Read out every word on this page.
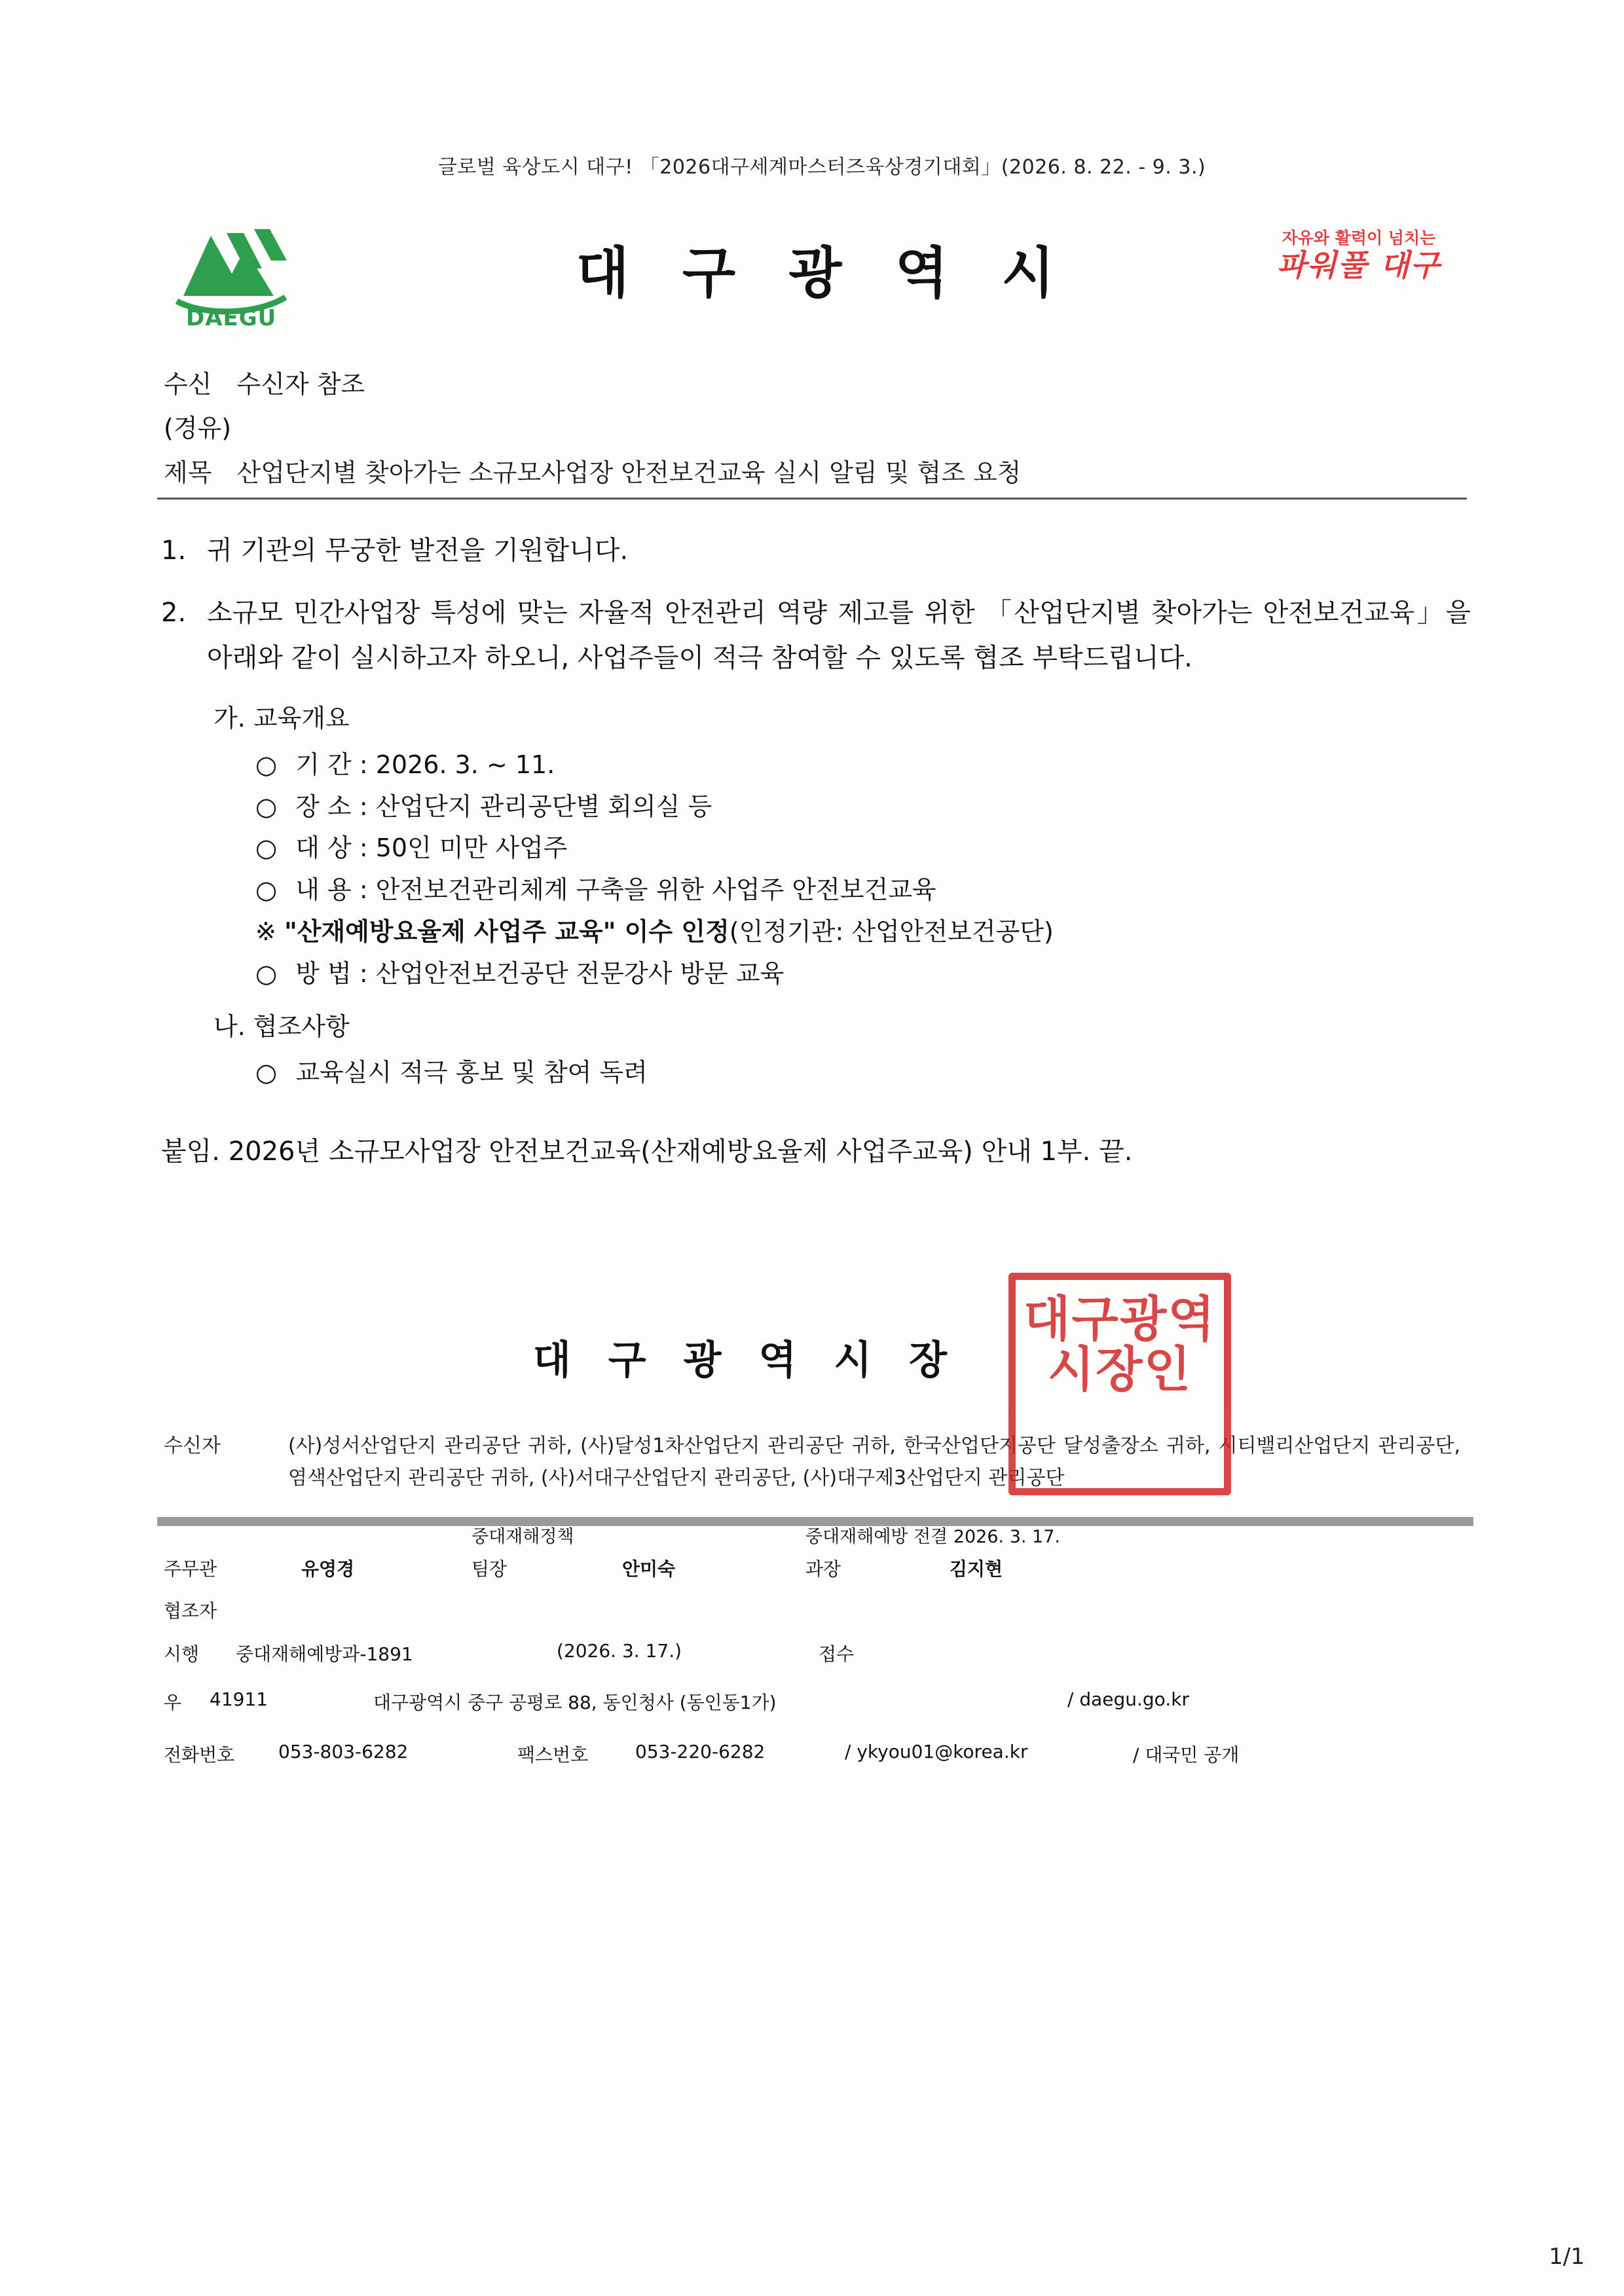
글로벌 육상도시 대구! 「2026대구세계마스터즈육상경기대회」(2026. 8. 22. - 9. 3.)
DAEGU
대 구 광 역 시
자유와 활력이 넘치는
파워풀 대구
수신 수신자 참조
(경유)
제목 산업단지별 찾아가는 소규모사업장 안전보건교육 실시 알림 및 협조 요청
1. 귀 기관의 무궁한 발전을 기원합니다.
2. 소규모 민간사업장 특성에 맞는 자율적 안전관리 역량 제고를 위한 「산업단지별 찾아가는 안전보건교육」을 아래와 같이 실시하고자 하오니, 사업주들이 적극 참여할 수 있도록 협조 부탁드립니다.
가. 교육개요
○ 기 간 : 2026. 3. ~ 11.
○ 장 소 : 산업단지 관리공단별 회의실 등
○ 대 상 : 50인 미만 사업주
○ 내 용 : 안전보건관리체계 구축을 위한 사업주 안전보건교육
※ "산재예방요율제 사업주 교육" 이수 인정(인정기관: 산업안전보건공단)
○ 방 법 : 산업안전보건공단 전문강사 방문 교육
나. 협조사항
○ 교육실시 적극 홍보 및 참여 독려
붙임. 2026년 소규모사업장 안전보건교육(산재예방요율제 사업주교육) 안내 1부. 끝.
대 구 광 역 시 장
대구광역
시장인
수신자	(사)성서산업단지 관리공단 귀하, (사)달성1차산업단지 관리공단 귀하, 한국산업단지공단 달성출장소 귀하, 시티밸리산업단지 관리공단, 염색산업단지 관리공단 귀하, (사)서대구산업단지 관리공단, (사)대구제3산업단지 관리공단
중대재해정책	중대재해예방 전결 2026. 3. 17.
주무관	유영경	팀장	안미숙	과장	김지현
협조자
시행 중대재해예방과-1891	(2026. 3. 17.)	접수
우 41911	대구광역시 중구 공평로 88, 동인청사 (동인동1가)	/ daegu.go.kr
전화번호 053-803-6282	팩스번호	053-220-6282	/ ykyou01@korea.kr	/ 대국민 공개
1/1
